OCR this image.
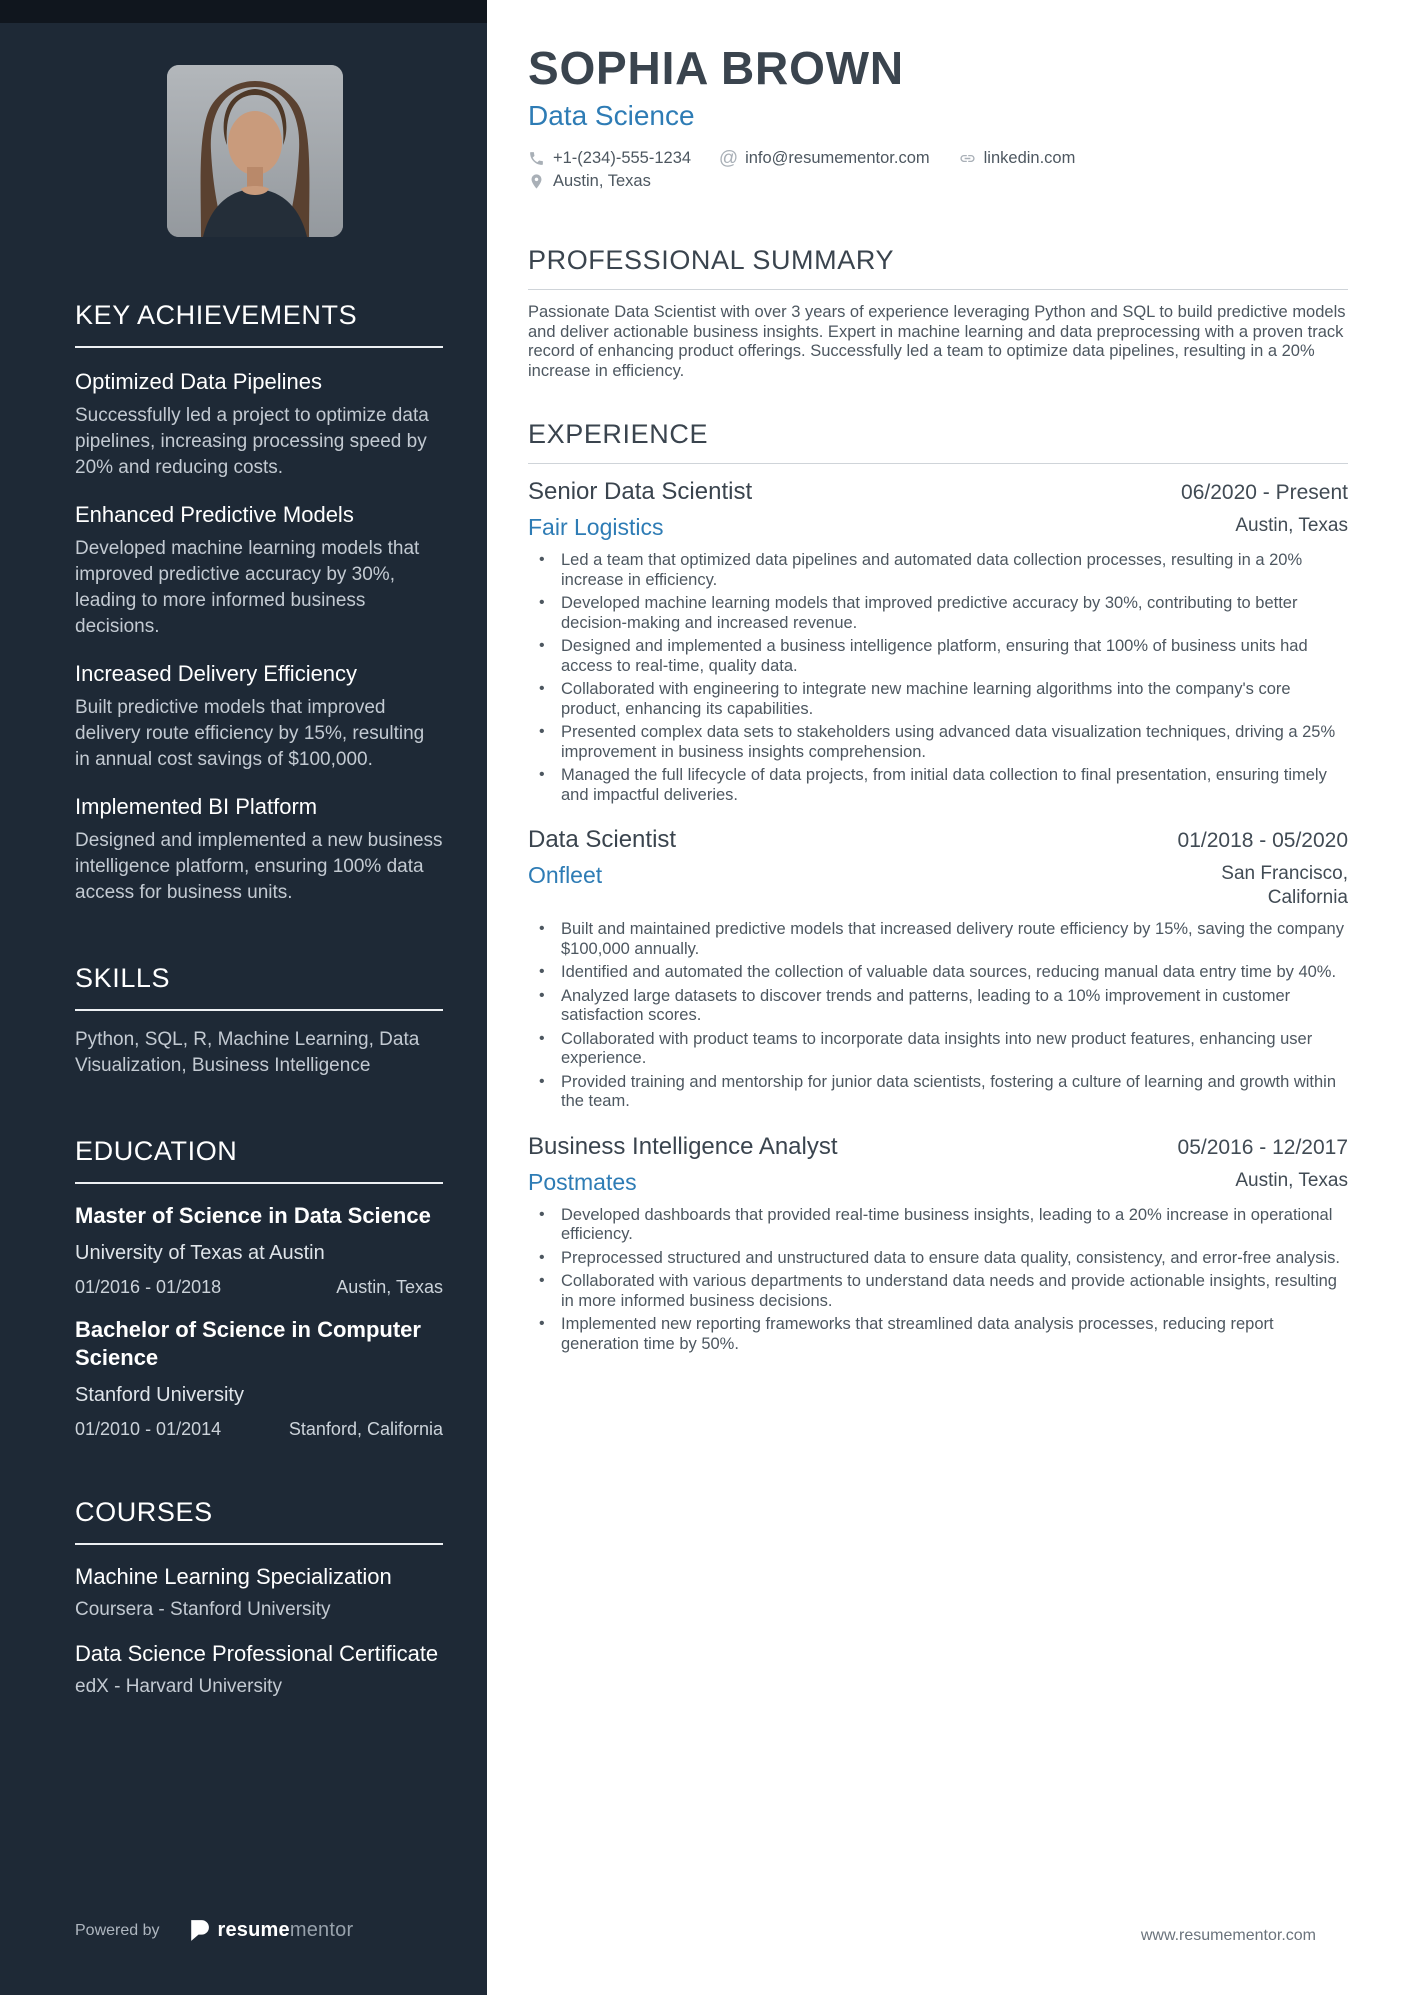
KEY ACHIEVEMENTS
Optimized Data Pipelines

Successfully led a project to optimize data pipelines, increasing processing speed by 20% and reducing costs.

Enhanced Predictive Models

Developed machine learning models that improved predictive accuracy by 30%, leading to more informed business decisions.

Increased Delivery Efficiency

Built predictive models that improved delivery route efficiency by 15%, resulting in annual cost savings of $100,000.

Implemented BI Platform

Designed and implemented a new business intelligence platform, ensuring 100% data access for business units.

SKILLS

Python, SQL, R, Machine Learning, Data Visualization, Business Intelligence

EDUCATION
Master of Science in Data Science

University of Texas at Austin

01/2016 - 01/2018	Austin, Texas
Bachelor of Science in Computer Science

Stanford University

01/2010 - 01/2014	Stanford, California
COURSES
Machine Learning Specialization

Coursera - Stanford University

Data Science Professional Certificate

edX - Harvard University

Powered by	resumementor
SOPHIA BROWN
Data Science
+1-(234)-555-1234 @ info@resumementor.com	linkedin.com
Austin, Texas
PROFESSIONAL SUMMARY

Passionate Data Scientist with over 3 years of experience leveraging Python and SQL to build predictive models and deliver actionable business insights. Expert in machine learning and data preprocessing with a proven track record of enhancing product offerings. Successfully led a team to optimize data pipelines, resulting in a 20% increase in efficiency.

EXPERIENCE
Senior Data Scientist	06/2020 - Present
Fair Logistics	Austin, Texas
• Led a team that optimized data pipelines and automated data collection processes, resulting in a 20% increase in efficiency.
• Developed machine learning models that improved predictive accuracy by 30%, contributing to better decision-making and increased revenue.
• Designed and implemented a business intelligence platform, ensuring that 100% of business units had access to real-time, quality data.
• Collaborated with engineering to integrate new machine learning algorithms into the company's core product, enhancing its capabilities.
• Presented complex data sets to stakeholders using advanced data visualization techniques, driving a 25% improvement in business insights comprehension.
• Managed the full lifecycle of data projects, from initial data collection to final presentation, ensuring timely and impactful deliveries.
Data Scientist	01/2018 - 05/2020
Onfleet	San Francisco, California
• Built and maintained predictive models that increased delivery route efficiency by 15%, saving the company $100,000 annually.
• Identified and automated the collection of valuable data sources, reducing manual data entry time by 40%.
• Analyzed large datasets to discover trends and patterns, leading to a 10% improvement in customer satisfaction scores.
• Collaborated with product teams to incorporate data insights into new product features, enhancing user experience.
• Provided training and mentorship for junior data scientists, fostering a culture of learning and growth within the team.
Business Intelligence Analyst	05/2016 - 12/2017
Postmates	Austin, Texas
• Developed dashboards that provided real-time business insights, leading to a 20% increase in operational efficiency.
• Preprocessed structured and unstructured data to ensure data quality, consistency, and error-free analysis.
• Collaborated with various departments to understand data needs and provide actionable insights, resulting in more informed business decisions.
• Implemented new reporting frameworks that streamlined data analysis processes, reducing report generation time by 50%.
www.resumementor.com
